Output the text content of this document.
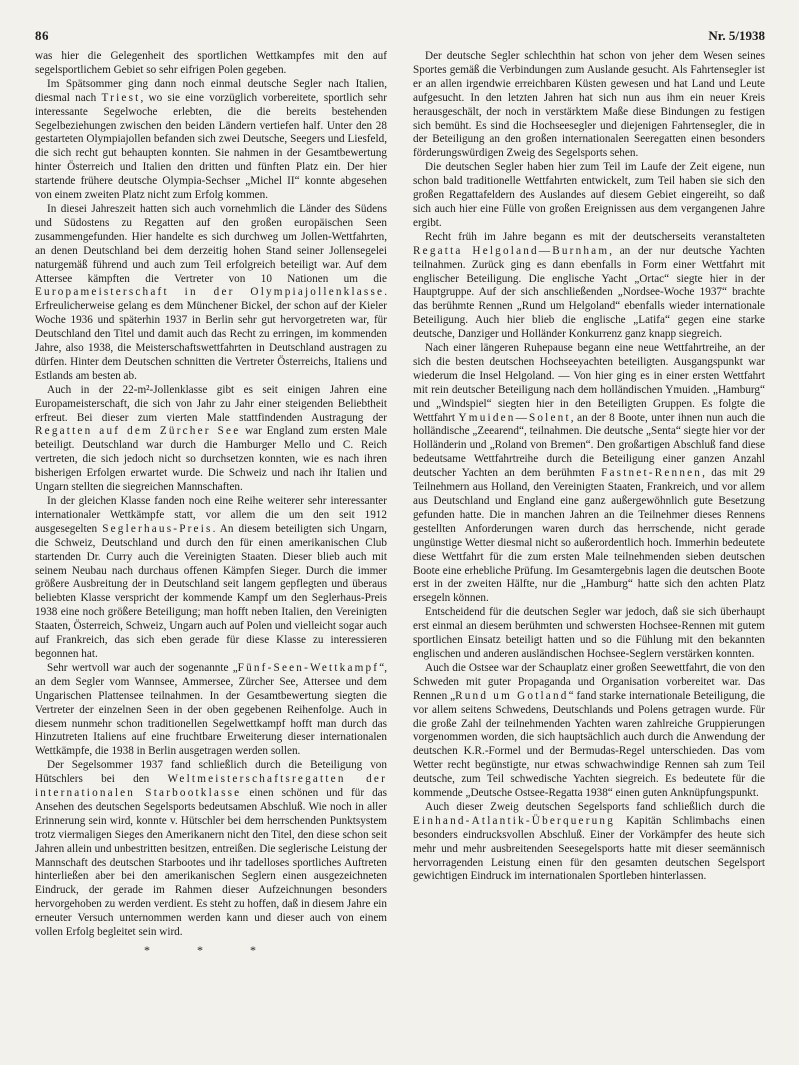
86	Nr. 5/1938

was hier die Gelegenheit des sportlichen Wettkampfes mit den auf segelsportlichem Gebiet so sehr eifrigen Polen gegeben.

Im Spätsommer ging dann noch einmal deutsche Segler nach Italien, diesmal nach Triest, wo sie eine vorzüglich vorbereitete, sportlich sehr interessante Segelwoche erlebten, die die bereits bestehenden Segelbeziehungen zwischen den beiden Ländern vertiefen half. Unter den 28 gestarteten Olympiajollen befanden sich zwei Deutsche, Seegers und Liesfeld, die sich recht gut behaupten konnten. Sie nahmen in der Gesamtbewertung hinter Österreich und Italien den dritten und fünften Platz ein. Der hier startende frühere deutsche Olympia-Sechser „Michel II“ konnte abgesehen von einem zweiten Platz nicht zum Erfolg kommen.

In diesei Jahreszeit hatten sich auch vornehmlich die Länder des Südens und Südostens zu Regatten auf den großen europäischen Seen zusammengefunden. Hier handelte es sich durchweg um Jollen-Wettfahrten, an denen Deutschland bei dem derzeitig hohen Stand seiner Jollensegelei naturgemäß führend und auch zum Teil erfolgreich beteiligt war. Auf dem Attersee kämpften die Vertreter von 10 Nationen um die Europameisterschaft in der Olympiajollenklasse. Erfreulicherweise gelang es dem Münchener Bickel, der schon auf der Kieler Woche 1936 und späterhin 1937 in Berlin sehr gut hervorgetreten war, für Deutschland den Titel und damit auch das Recht zu erringen, im kommenden Jahre, also 1938, die Meisterschaftswettfahrten in Deutschland austragen zu dürfen. Hinter dem Deutschen schnitten die Vertreter Österreichs, Italiens und Estlands am besten ab.

Auch in der 22-m²-Jollenklasse gibt es seit einigen Jahren eine Europameisterschaft, die sich von Jahr zu Jahr einer steigenden Beliebtheit erfreut. Bei dieser zum vierten Male stattfindenden Austragung der Regatten auf dem Zürcher See war England zum ersten Male beteiligt. Deutschland war durch die Hamburger Mello und C. Reich vertreten, die sich jedoch nicht so durchsetzen konnten, wie es nach ihren bisherigen Erfolgen erwartet wurde. Die Schweiz und nach ihr Italien und Ungarn stellten die siegreichen Mannschaften.

In der gleichen Klasse fanden noch eine Reihe weiterer sehr interessanter internationaler Wettkämpfe statt, vor allem die um den seit 1912 ausgesegelten Seglerhaus-Preis. An diesem beteiligten sich Ungarn, die Schweiz, Deutschland und durch den für einen amerikanischen Club startenden Dr. Curry auch die Vereinigten Staaten. Dieser blieb auch mit seinem Neubau nach durchaus offenen Kämpfen Sieger. Durch die immer größere Ausbreitung der in Deutschland seit langem gepflegten und überaus beliebten Klasse verspricht der kommende Kampf um den Seglerhaus-Preis 1938 eine noch größere Beteiligung; man hofft neben Italien, den Vereinigten Staaten, Österreich, Schweiz, Ungarn auch auf Polen und vielleicht sogar auch auf Frankreich, das sich eben gerade für diese Klasse zu interessieren begonnen hat.

Sehr wertvoll war auch der sogenannte „Fünf-Seen-Wettkampf“, an dem Segler vom Wannsee, Ammersee, Zürcher See, Attersee und dem Ungarischen Plattensee teilnahmen. In der Gesamtbewertung siegten die Vertreter der einzelnen Seen in der oben gegebenen Reihenfolge. Auch in diesem nunmehr schon traditionellen Segelwettkampf hofft man durch das Hinzutreten Italiens auf eine fruchtbare Erweiterung dieser internationalen Wettkämpfe, die 1938 in Berlin ausgetragen werden sollen.

Der Segelsommer 1937 fand schließlich durch die Beteiligung von Hütschlers bei den Weltmeisterschaftsregatten der internationalen Starbootklasse einen schönen und für das Ansehen des deutschen Segelsports bedeutsamen Abschluß. Wie noch in aller Erinnerung sein wird, konnte v. Hütschler bei dem herrschenden Punktsystem trotz viermaligen Sieges den Amerikanern nicht den Titel, den diese schon seit Jahren allein und unbestritten besitzen, entreißen. Die seglerische Leistung der Mannschaft des deutschen Starbootes und ihr tadelloses sportliches Auftreten hinterließen aber bei den amerikanischen Seglern einen ausgezeichneten Eindruck, der gerade im Rahmen dieser Aufzeichnungen besonders hervorgehoben zu werden verdient. Es steht zu hoffen, daß in diesem Jahre ein erneuter Versuch unternommen werden kann und dieser auch von einem vollen Erfolg begleitet sein wird.

* * *

Der deutsche Segler schlechthin hat schon von jeher dem Wesen seines Sportes gemäß die Verbindungen zum Auslande gesucht. Als Fahrtensegler ist er an allen irgendwie erreichbaren Küsten gewesen und hat Land und Leute aufgesucht. In den letzten Jahren hat sich nun aus ihm ein neuer Kreis herausgeschält, der noch in verstärktem Maße diese Bindungen zu festigen sich bemüht. Es sind die Hochseesegler und diejenigen Fahrtensegler, die in der Beteiligung an den großen internationalen Seeregatten einen besonders förderungswürdigen Zweig des Segelsports sehen.

Die deutschen Segler haben hier zum Teil im Laufe der Zeit eigene, nun schon bald traditionelle Wettfahrten entwickelt, zum Teil haben sie sich den großen Regattafeldern des Auslandes auf diesem Gebiet eingereiht, so daß sich auch hier eine Fülle von großen Ereignissen aus dem vergangenen Jahre ergibt.

Recht früh im Jahre begann es mit der deutscherseits veranstalteten Regatta Helgoland—Burnham, an der nur deutsche Yachten teilnahmen. Zurück ging es dann ebenfalls in Form einer Wettfahrt mit englischer Beteiligung. Die englische Yacht „Ortac“ siegte hier in der Hauptgruppe. Auf der sich anschließenden „Nordsee-Woche 1937“ brachte das berühmte Rennen „Rund um Helgoland“ ebenfalls wieder internationale Beteiligung. Auch hier blieb die englische „Latifa“ gegen eine starke deutsche, Danziger und Holländer Konkurrenz ganz knapp siegreich.

Nach einer längeren Ruhepause begann eine neue Wettfahrtreihe, an der sich die besten deutschen Hochseeyachten beteiligten. Ausgangspunkt war wiederum die Insel Helgoland. — Von hier ging es in einer ersten Wettfahrt mit rein deutscher Beteiligung nach dem holländischen Ymuiden. „Hamburg“ und „Windspiel“ siegten hier in den Beteiligten Gruppen. Es folgte die Wettfahrt Ymuiden—Solent, an der 8 Boote, unter ihnen nun auch die holländische „Zeearend“, teilnahmen. Die deutsche „Senta“ siegte hier vor der Holländerin und „Roland von Bremen“. Den großartigen Abschluß fand diese bedeutsame Wettfahrtreihe durch die Beteiligung einer ganzen Anzahl deutscher Yachten an dem berühmten Fastnet-Rennen, das mit 29 Teilnehmern aus Holland, den Vereinigten Staaten, Frankreich, und vor allem aus Deutschland und England eine ganz außergewöhnlich gute Besetzung gefunden hatte. Die in manchen Jahren an die Teilnehmer dieses Rennens gestellten Anforderungen waren durch das herrschende, nicht gerade ungünstige Wetter diesmal nicht so außerordentlich hoch. Immerhin bedeutete diese Wettfahrt für die zum ersten Male teilnehmenden sieben deutschen Boote eine erhebliche Prüfung. Im Gesamtergebnis lagen die deutschen Boote erst in der zweiten Hälfte, nur die „Hamburg“ hatte sich den achten Platz ersegeln können.

Entscheidend für die deutschen Segler war jedoch, daß sie sich überhaupt erst einmal an diesem berühmten und schwersten Hochsee-Rennen mit gutem sportlichen Einsatz beteiligt hatten und so die Fühlung mit den bekannten englischen und anderen ausländischen Hochsee-Seglern verstärken konnten.

Auch die Ostsee war der Schauplatz einer großen Seewettfahrt, die von den Schweden mit guter Propaganda und Organisation vorbereitet war. Das Rennen „Rund um Gotland“ fand starke internationale Beteiligung, die vor allem seitens Schwedens, Deutschlands und Polens getragen wurde. Für die große Zahl der teilnehmenden Yachten waren zahlreiche Gruppierungen vorgenommen worden, die sich hauptsächlich auch durch die Anwendung der deutschen K.R.-Formel und der Bermudas-Regel unterschieden. Das vom Wetter recht begünstigte, nur etwas schwachwindige Rennen sah zum Teil deutsche, zum Teil schwedische Yachten siegreich. Es bedeutete für die kommende „Deutsche Ostsee-Regatta 1938“ einen guten Anknüpfungspunkt.

Auch dieser Zweig deutschen Segelsports fand schließlich durch die Einhand-Atlantik-Überquerung Kapitän Schlimbachs einen besonders eindrucksvollen Abschluß. Einer der Vorkämpfer des heute sich mehr und mehr ausbreitenden Seesegelsports hatte mit dieser seemännisch hervorragenden Leistung einen für den gesamten deutschen Segelsport gewichtigen Eindruck im internationalen Sportleben hinterlassen.
